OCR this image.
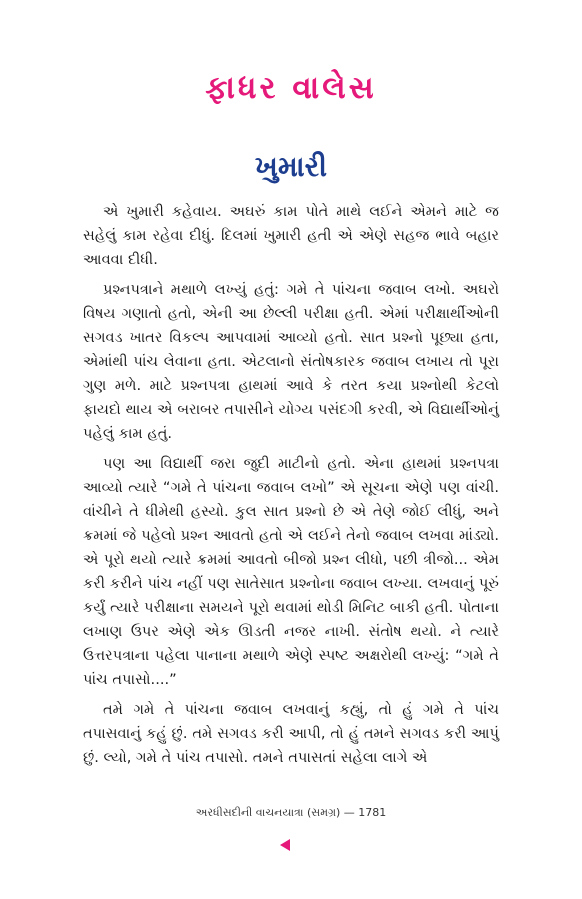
ફાધર વાલેસ
ખુમારી

એ ખુમારી કહેવાય. અઘરું કામ પોતે માથે લઈને એમને માટે જ સહેલું કામ રહેવા દીધું. દિલમાં ખુમારી હતી એ એણે સહજ ભાવે બહાર આવવા દીધી.

પ્રશ્નપત્રાને મથાળે લખ્યું હતું: ગમે તે પાંચના જવાબ લખો. અઘરો વિષય ગણાતો હતો, એની આ છેલ્લી પરીક્ષા હતી. એમાં પરીક્ષાર્થીઓની સગવડ ખાતર વિકલ્પ આપવામાં આવ્યો હતો. સાત પ્રશ્નો પૂછ્યા હતા, એમાંથી પાંચ લેવાના હતા. એટલાનો સંતોષકારક જવાબ લખાય તો પૂરા ગુણ મળે. માટે પ્રશ્નપત્રા હાથમાં આવે કે તરત કયા પ્રશ્નોથી કેટલો ફાયદો થાય એ બરાબર તપાસીને યોગ્ય પસંદગી કરવી, એ વિદ્યાર્થીઓનું પહેલું કામ હતું.

પણ આ વિદ્યાર્થી જરા જુદી માટીનો હતો. એના હાથમાં પ્રશ્નપત્રા આવ્યો ત્યારે “ગમે તે પાંચના જવાબ લખો” એ સૂચના એણે પણ વાંચી. વાંચીને તે ધીમેથી હસ્યો. કુલ સાત પ્રશ્નો છે એ તેણે જોઈ લીધું, અને ક્રમમાં જે પહેલો પ્રશ્ન આવતો હતો એ લઈને તેનો જવાબ લખવા માંડ્યો. એ પૂરો થયો ત્યારે ક્રમમાં આવતો બીજો પ્રશ્ન લીધો, પછી ત્રીજો... એમ કરી કરીને પાંચ નહીં પણ સાતેસાત પ્રશ્નોના જવાબ લખ્યા. લખવાનું પૂરું કર્યું ત્યારે પરીક્ષાના સમયને પૂરો થવામાં થોડી મિનિટ બાકી હતી. પોતાના લખાણ ઉપર એણે એક ઊડતી નજર નાખી. સંતોષ થયો. ને ત્યારે ઉત્તરપત્રાના પહેલા પાનાના મથાળે એણે સ્પષ્ટ અક્ષરોથી લખ્યું: “ગમે તે પાંચ તપાસો....”

તમે ગમે તે પાંચના જવાબ લખવાનું કહ્યું, તો હું ગમે તે પાંચ તપાસવાનું કહું છું. તમે સગવડ કરી આપી, તો હું તમને સગવડ કરી આપું છું. લ્યો, ગમે તે પાંચ તપાસો. તમને તપાસતાં સહેલા લાગે એ

અરધીસદીની વાચનયાત્રા (સમગ્ર) — 1781
